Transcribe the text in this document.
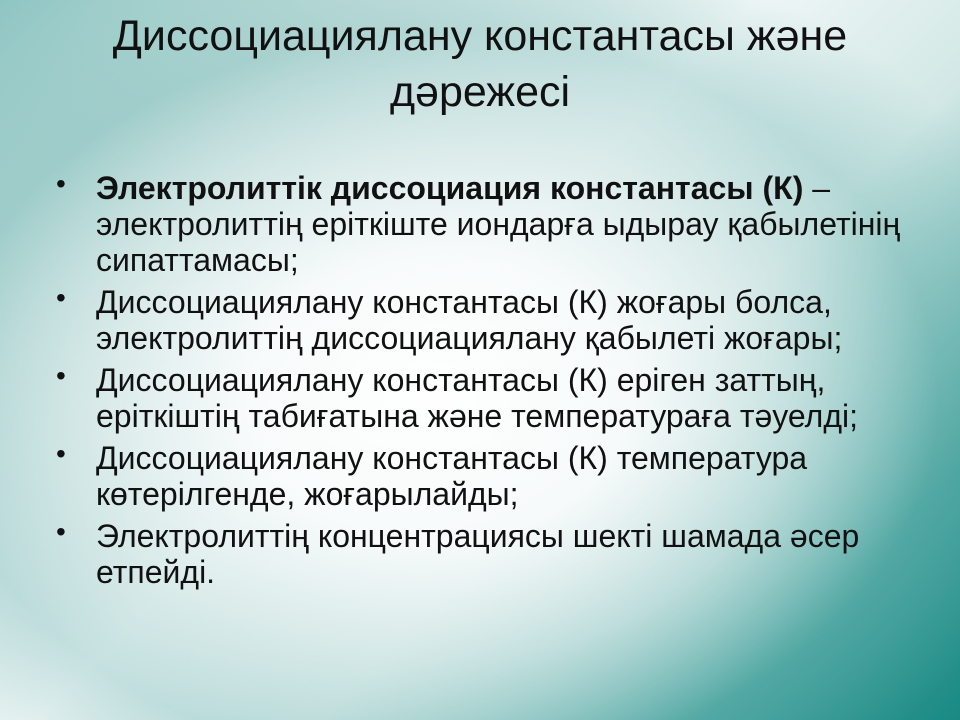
Диссоциациялану константасы және дәрежесі
• Электролиттік диссоциация константасы (К) – электролиттің еріткіште иондарға ыдырау қабылетінің сипаттамасы;
• Диссоциациялану константасы (К) жоғары болса, электролиттің диссоциациялану қабылеті жоғары;
• Диссоциациялану константасы (К) еріген заттың, еріткіштің табиғатына және температураға тәуелді;
• Диссоциациялану константасы (К) температура көтерілгенде, жоғарылайды;
• Электролиттің концентрациясы шекті шамада әсер етпейді.
